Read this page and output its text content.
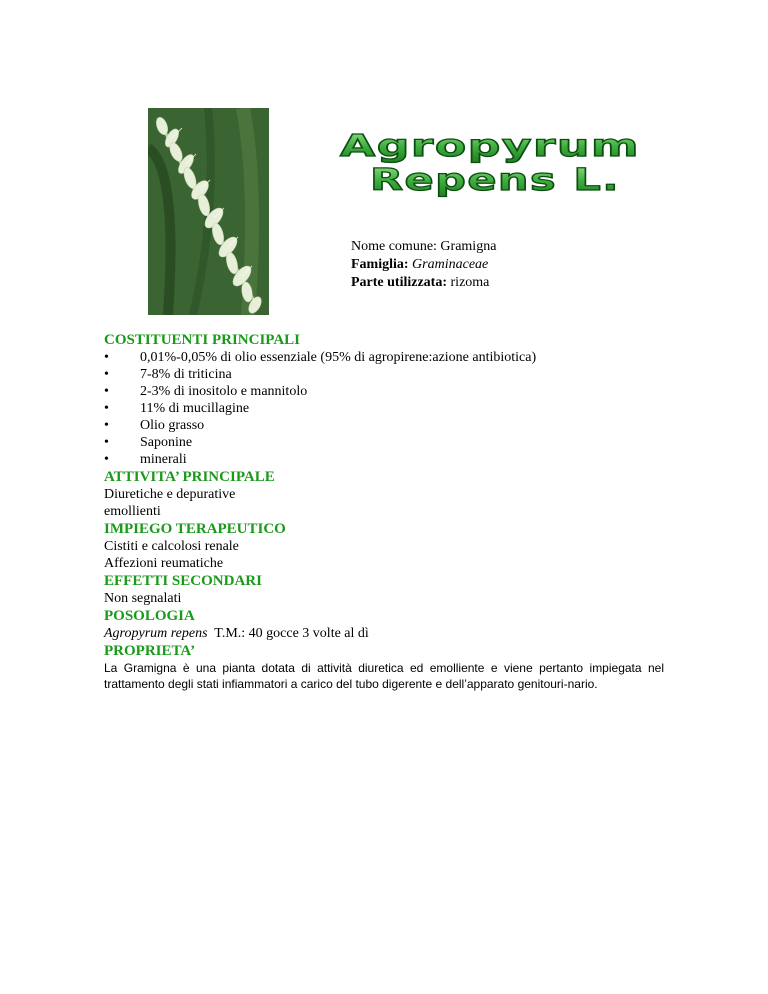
Agropyrum
Repens L.
Nome comune: Gramigna
Famiglia: Graminaceae
Parte utilizzata: rizoma
COSTITUENTI PRINCIPALI
• 0,01%-0,05% di olio essenziale (95% di agropirene:azione antibiotica)
• 7-8% di triticina
• 2-3% di inositolo e mannitolo
• 11% di mucillagine
• Olio grasso
• Saponine
• minerali
ATTIVITA’ PRINCIPALE
Diuretiche e depurative
emollienti
IMPIEGO TERAPEUTICO
Cistiti e calcolosi renale
Affezioni reumatiche
EFFETTI SECONDARI
Non segnalati
POSOLOGIA
Agropyrum repens  T.M.: 40 gocce 3 volte al dì
PROPRIETA’
La Gramigna è una pianta dotata di attività diuretica ed emolliente e viene pertanto impiegata nel trattamento degli stati infiammatori a carico del tubo digerente e dell’apparato genitouri-nario.
